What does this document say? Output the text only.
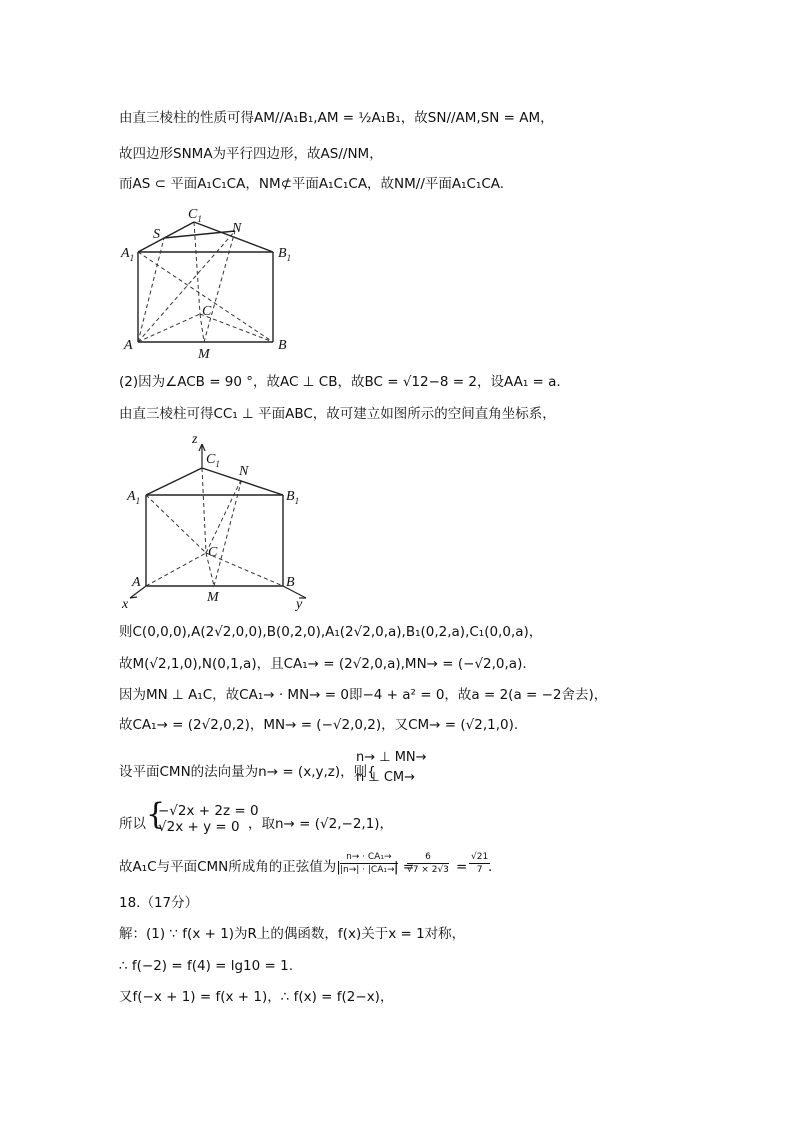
由直三棱柱的性质可得AM//A₁B₁,AM = ½A₁B₁，故SN//AM,SN = AM，
故四边形SNMA为平行四边形，故AS//NM，
而AS ⊂ 平面A₁C₁CA，NM⊄平面A₁C₁CA，故NM//平面A₁C₁CA.
$A_1$	$B_1$
$C_1$
S	N
C
A	B
M
(2)因为∠ACB = 90 °，故AC ⊥ CB，故BC = √12−8 = 2，设AA₁ = a.
由直三棱柱可得CC₁ ⊥ 平面ABC，故可建立如图所示的空间直角坐标系，
z
$C_1$ N
$A_1$	$B_1$
C
A	B
M
x	y
则C(0,0,0),A(2√2,0,0),B(0,2,0),A₁(2√2,0,a),B₁(0,2,a),C₁(0,0,a)，
故M(√2,1,0),N(0,1,a)，且CA₁→ = (2√2,0,a),MN→ = (−√2,0,a).
因为MN ⊥ A₁C，故CA₁→ · MN→ = 0即−4 + a² = 0，故a = 2(a = −2舍去)，
故CA₁→ = (2√2,0,2)，MN→ = (−√2,0,2)，又CM→ = (√2,1,0).
设平面CMN的法向量为n→ = (x,y,z)，则{
n→ ⊥ MN→
n ⊥ CM→
所以 {
−√2x + 2z = 0
√2x + y = 0 ，取n→ = (√2,−2,1)，
故A₁C与平面CMN所成角的正弦值为| $\frac{\text{n→ · CA₁→}}{\text{|n→| · |CA₁→|}}$
| =
$\frac{6}{√7 \times 2√3} = \frac{√21}{7}$
.
18.（17分）
解：(1) ∵ f(x + 1)为R上的偶函数，f(x)关于x = 1对称，
∴ f(−2) = f(4) = lg10 = 1.
又f(−x + 1) = f(x + 1)，∴ f(x) = f(2−x)，
